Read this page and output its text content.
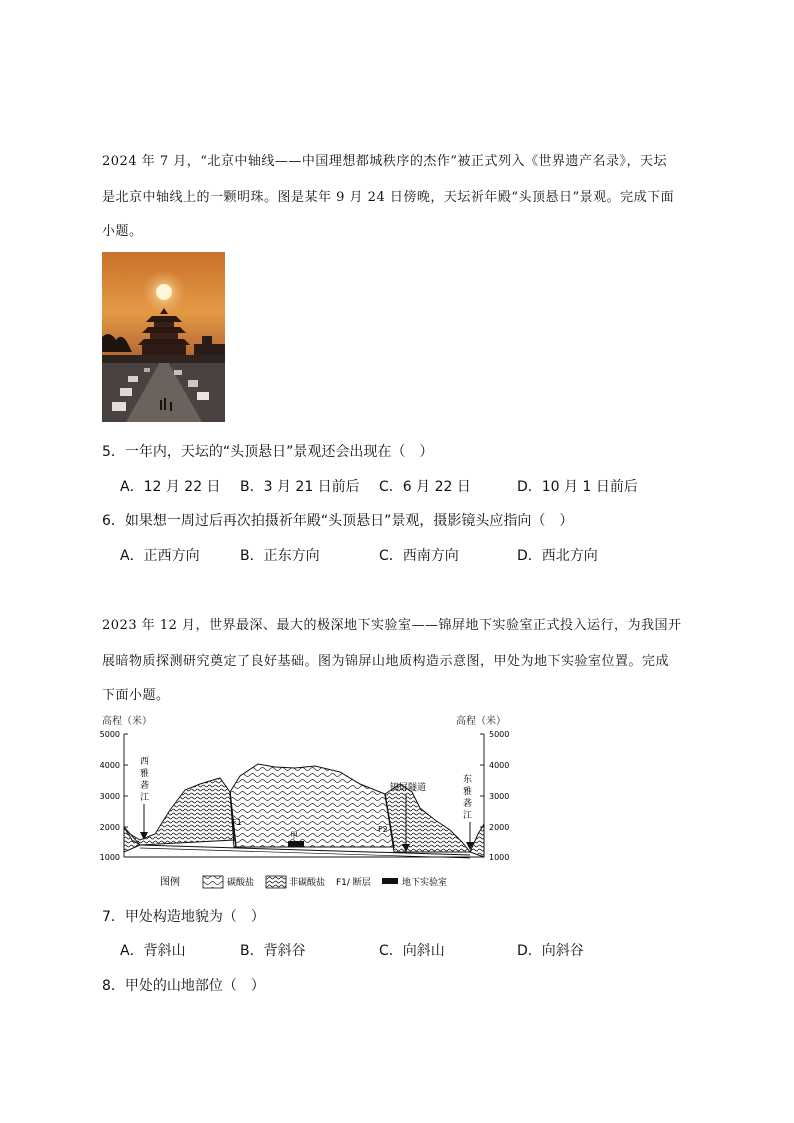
2024 年 7 月，“北京中轴线——中国理想都城秩序的杰作”被正式列入《世界遗产名录》，天坛
是北京中轴线上的一颗明珠。图是某年 9 月 24 日傍晚，天坛祈年殿“头顶悬日”景观。完成下面
小题。
5．一年内，天坛的“头顶悬日”景观还会出现在（　）
A．12 月 22 日 B．3 月 21 日前后 C．6 月 22 日	D．10 月 1 日前后
6．如果想一周过后再次拍摄祈年殿“头顶悬日”景观，摄影镜头应指向（　）
A．正西方向	B．正东方向	C．西南方向	D．西北方向
2023 年 12 月，世界最深、最大的极深地下实验室——锦屏地下实验室正式投入运行，为我国开
展暗物质探测研究奠定了良好基础。图为锦屏山地质构造示意图，甲处为地下实验室位置。完成
下面小题。
高程（米）
5000
4000
3000
2000
1000
高程（米）
5000
4000
3000
2000
1000
F1
F2
甲
锦屏隧道
西
雅
砻
江
东
雅
砻
江
图例	碳酸盐	非碳酸盐 F1/ 断层	地下实验室
7．甲处构造地貌为（　）
A．背斜山	B．背斜谷	C．向斜山	D．向斜谷
8．甲处的山地部位（　）
